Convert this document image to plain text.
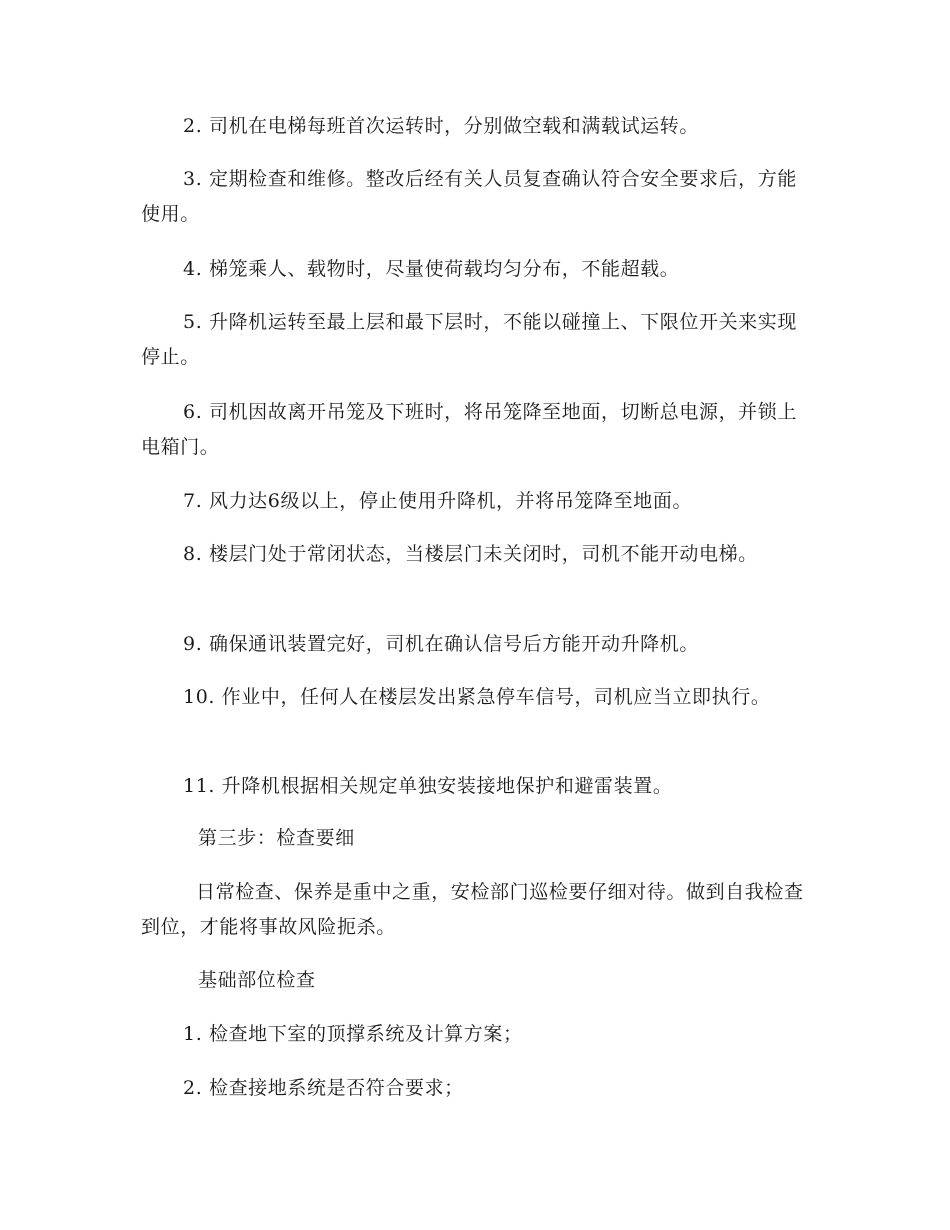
2. 司机在电梯每班首次运转时，分别做空载和满载试运转。

3. 定期检查和维修。整改后经有关人员复查确认符合安全要求后，方能使用。

4. 梯笼乘人、载物时，尽量使荷载均匀分布，不能超载。

5. 升降机运转至最上层和最下层时，不能以碰撞上、下限位开关来实现停止。

6. 司机因故离开吊笼及下班时，将吊笼降至地面，切断总电源，并锁上电箱门。

7. 风力达6级以上，停止使用升降机，并将吊笼降至地面。

8. 楼层门处于常闭状态，当楼层门未关闭时，司机不能开动电梯。

9. 确保通讯装置完好，司机在确认信号后方能开动升降机。

10. 作业中，任何人在楼层发出紧急停车信号，司机应当立即执行。

11. 升降机根据相关规定单独安装接地保护和避雷装置。

第三步：检查要细

日常检查、保养是重中之重，安检部门巡检要仔细对待。做到自我检查到位，才能将事故风险扼杀。

基础部位检查

1. 检查地下室的顶撑系统及计算方案；

2. 检查接地系统是否符合要求；
